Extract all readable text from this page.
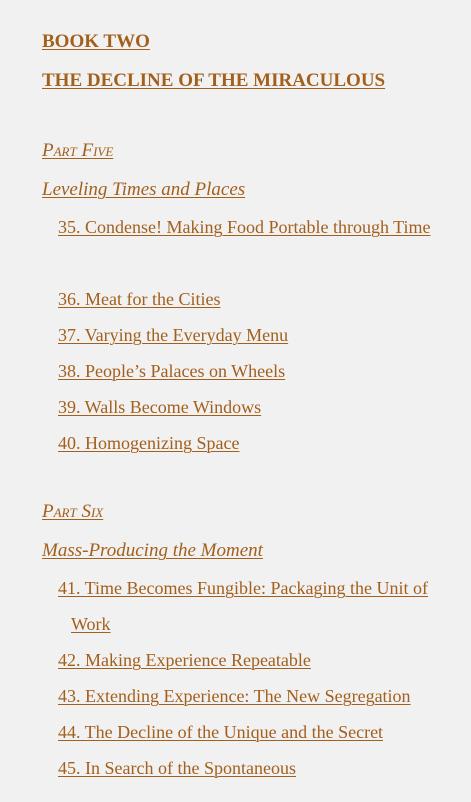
BOOK TWO
THE DECLINE OF THE MIRACULOUS
Part Five
Leveling Times and Places
35. Condense! Making Food Portable through Time
36. Meat for the Cities
37. Varying the Everyday Menu
38. People’s Palaces on Wheels
39. Walls Become Windows
40. Homogenizing Space
Part Six
Mass-Producing the Moment
41. Time Becomes Fungible: Packaging the Unit of Work
42. Making Experience Repeatable
43. Extending Experience: The New Segregation
44. The Decline of the Unique and the Secret
45. In Search of the Spontaneous
